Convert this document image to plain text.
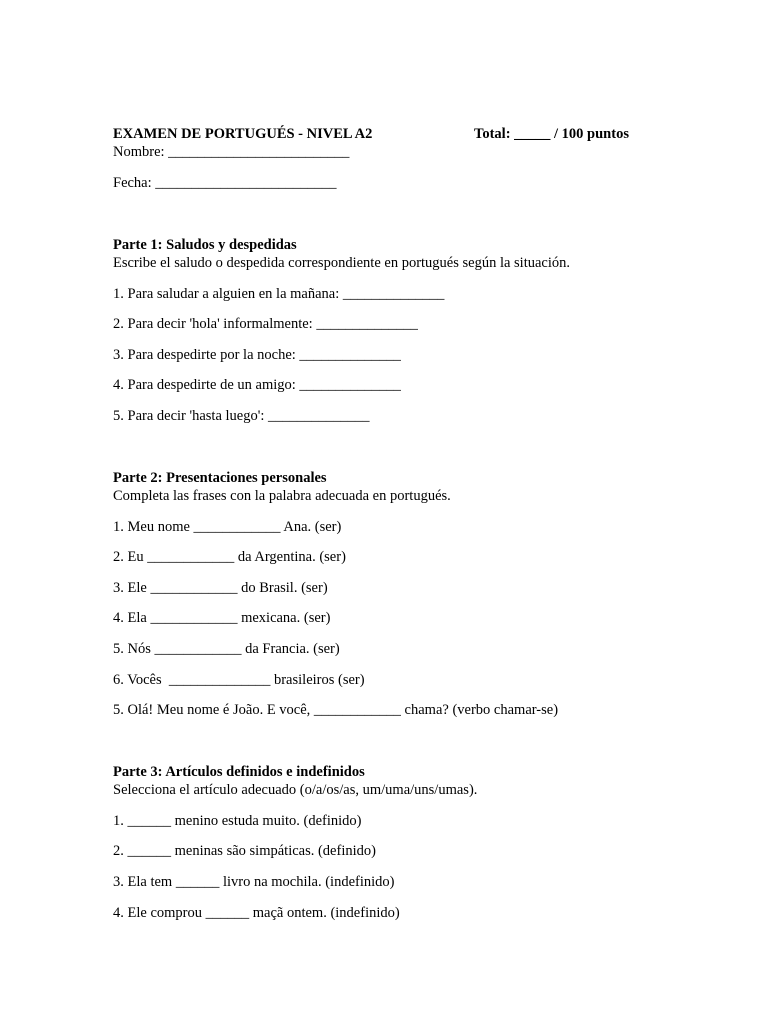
EXAMEN DE PORTUGUÉS - NIVEL A2	Total: _____ / 100 puntos
Nombre: _________________________
Fecha: _________________________
Parte 1: Saludos y despedidas
Escribe el saludo o despedida correspondiente en portugués según la situación.
1. Para saludar a alguien en la mañana: ______________
2. Para decir 'hola' informalmente: ______________
3. Para despedirte por la noche: ______________
4. Para despedirte de un amigo: ______________
5. Para decir 'hasta luego': ______________
Parte 2: Presentaciones personales
Completa las frases con la palabra adecuada en portugués.
1. Meu nome ____________ Ana. (ser)
2. Eu ____________ da Argentina. (ser)
3. Ele ____________ do Brasil. (ser)
4. Ela ____________ mexicana. (ser)
5. Nós ____________ da Francia. (ser)
6. Vocês  ______________ brasileiros (ser)
5. Olá! Meu nome é João. E você, ____________ chama? (verbo chamar-se)
Parte 3: Artículos definidos e indefinidos
Selecciona el artículo adecuado (o/a/os/as, um/uma/uns/umas).
1. ______ menino estuda muito. (definido)
2. ______ meninas são simpáticas. (definido)
3. Ela tem ______ livro na mochila. (indefinido)
4. Ele comprou ______ maçã ontem. (indefinido)
